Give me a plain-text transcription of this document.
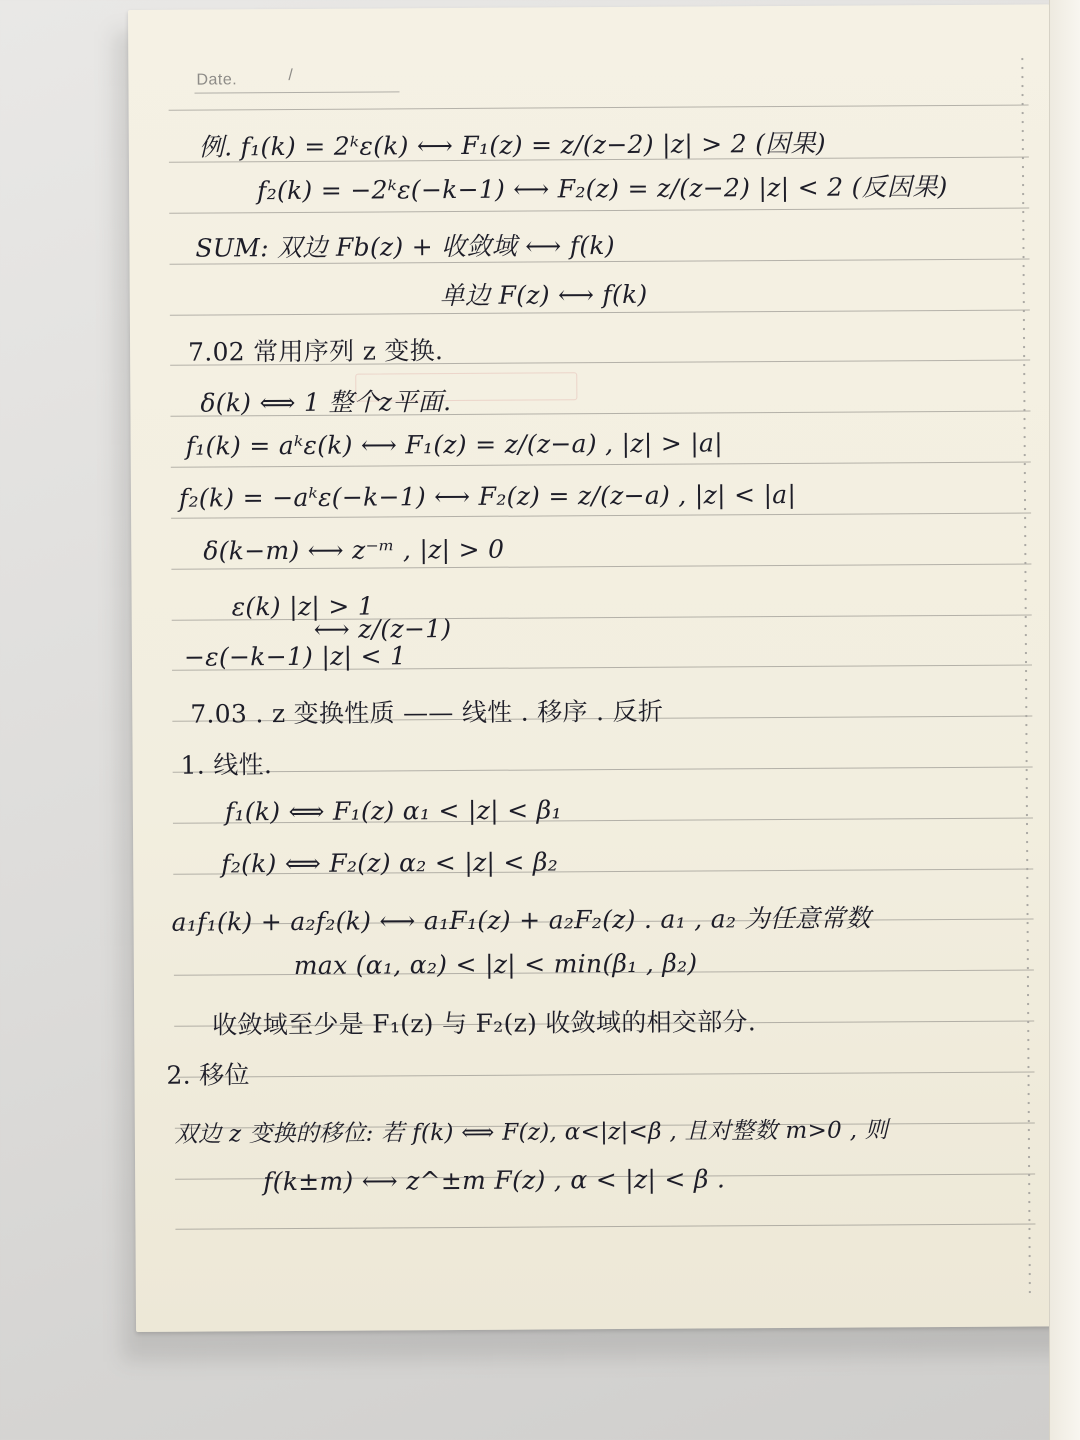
Date.	/

例. f₁(k) = 2ᵏε(k) ⟷ F₁(z) = z/(z−2) |z| > 2 (因果)

f₂(k) = −2ᵏε(−k−1) ⟷ F₂(z) = z/(z−2) |z| < 2 (反因果)

SUM: 双边 Fb(z) + 收敛域 ⟷ f(k)

单边 F(z) ⟷ f(k)

7.02 常用序列 z 变换.

δ(k) ⟺ 1 整个z平面.

f₁(k) = aᵏε(k) ⟷ F₁(z) = z/(z−a) , |z| > |a|

f₂(k) = −aᵏε(−k−1) ⟷ F₂(z) = z/(z−a) , |z| < |a|

δ(k−m) ⟷ z⁻ᵐ , |z| > 0

ε(k) |z| > 1

⟷ z/(z−1)

−ε(−k−1) |z| < 1

7.03 . z 变换性质 —— 线性 . 移序 . 反折

1. 线性.

f₁(k) ⟺ F₁(z) α₁ < |z| < β₁

f₂(k) ⟺ F₂(z) α₂ < |z| < β₂

a₁f₁(k) + a₂f₂(k) ⟷ a₁F₁(z) + a₂F₂(z) . a₁ , a₂ 为任意常数

max (α₁, α₂) < |z| < min(β₁ , β₂)

收敛域至少是 F₁(z) 与 F₂(z) 收敛域的相交部分.

2. 移位

双边 z 变换的移位: 若 f(k) ⟺ F(z), α<|z|<β , 且对整数 m>0 , 则

f(k±m) ⟷ z^±m F(z) , α < |z| < β .
